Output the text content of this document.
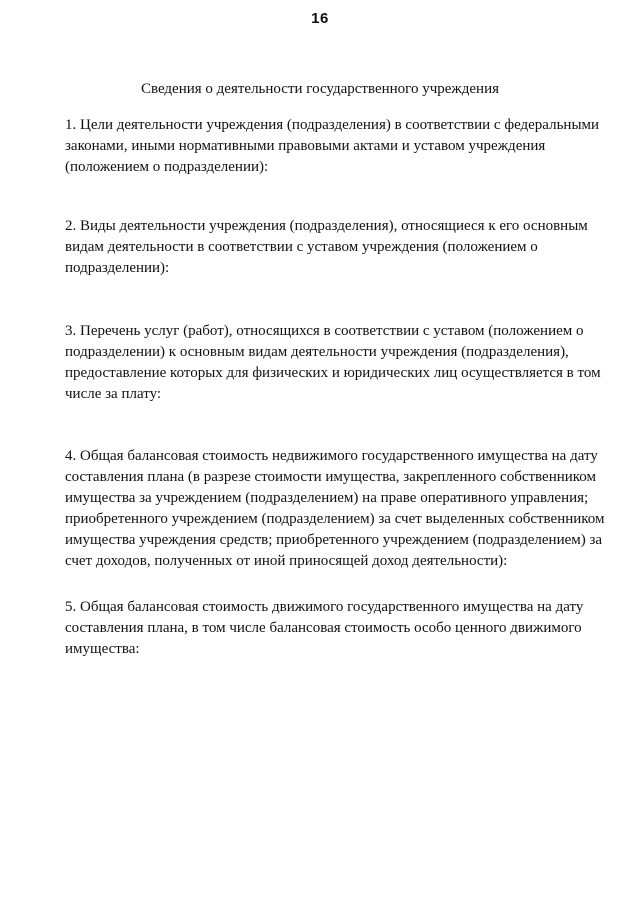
16
Сведения о деятельности государственного учреждения
1. Цели деятельности учреждения (подразделения) в соответствии с федеральными
законами, иными нормативными правовыми актами и уставом учреждения
(положением о подразделении):
2. Виды деятельности учреждения (подразделения), относящиеся к его основным
видам деятельности в соответствии с уставом учреждения (положением о
подразделении):
3. Перечень услуг (работ), относящихся в соответствии с уставом (положением о
подразделении) к основным видам деятельности учреждения (подразделения),
предоставление которых для физических и юридических лиц осуществляется в том
числе за плату:
4. Общая балансовая стоимость недвижимого государственного имущества на дату
составления плана (в разрезе стоимости имущества, закрепленного собственником
имущества за учреждением (подразделением) на праве оперативного управления;
приобретенного учреждением (подразделением) за счет выделенных собственником
имущества учреждения средств; приобретенного учреждением (подразделением) за
счет доходов, полученных от иной приносящей доход деятельности):
5. Общая балансовая стоимость движимого государственного имущества на дату
составления плана, в том числе балансовая стоимость особо ценного движимого
имущества:
